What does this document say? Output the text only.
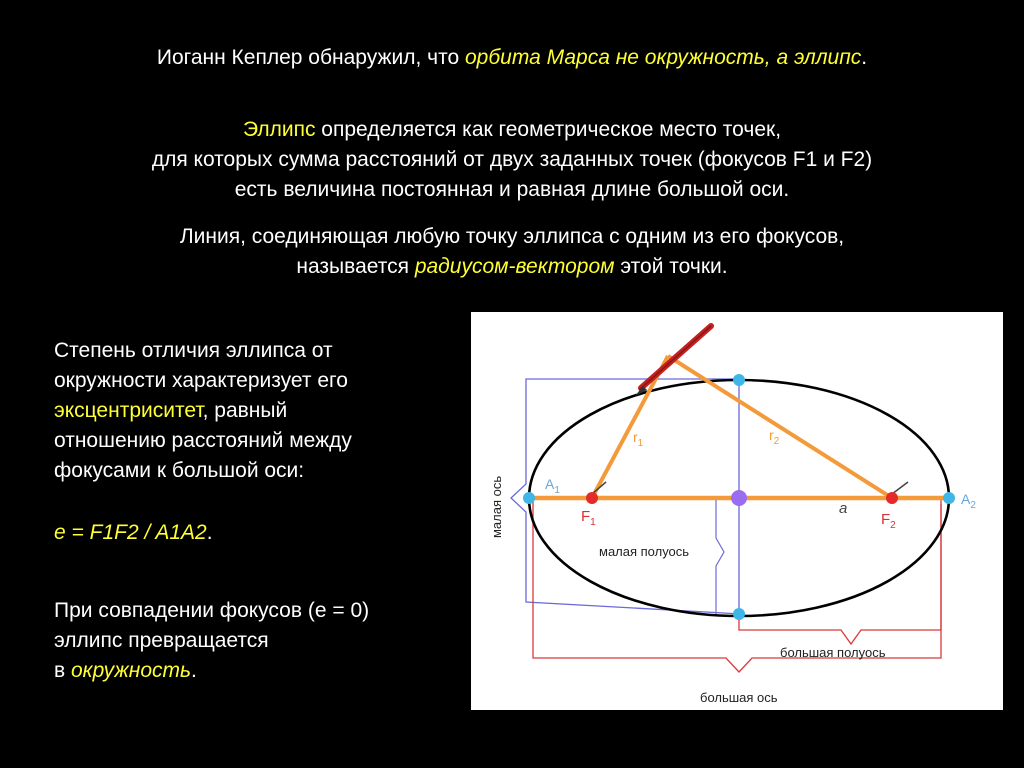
Иоганн Кеплер обнаружил, что орбита Марса не окружность, а эллипс.
Эллипс определяется как геометрическое место точек,
для которых сумма расстояний от двух заданных точек (фокусов F1 и F2)
есть величина постоянная и равная длине большой оси.
Линия, соединяющая любую точку эллипса с одним из его фокусов,
называется радиусом-вектором этой точки.
Степень отличия эллипса от
окружности характеризует его
эксцентриситет, равный
отношению расстояний между
фокусами к большой оси:
e = F1F2 / A1A2.
При совпадении фокусов (e = 0)
эллипс превращается
в окружность.
$r_1$
$r_2$
$A_1$
$A_2$
$F_1$	$F_2$
a
малая ось
малая полуось
большая полуось
большая ось
